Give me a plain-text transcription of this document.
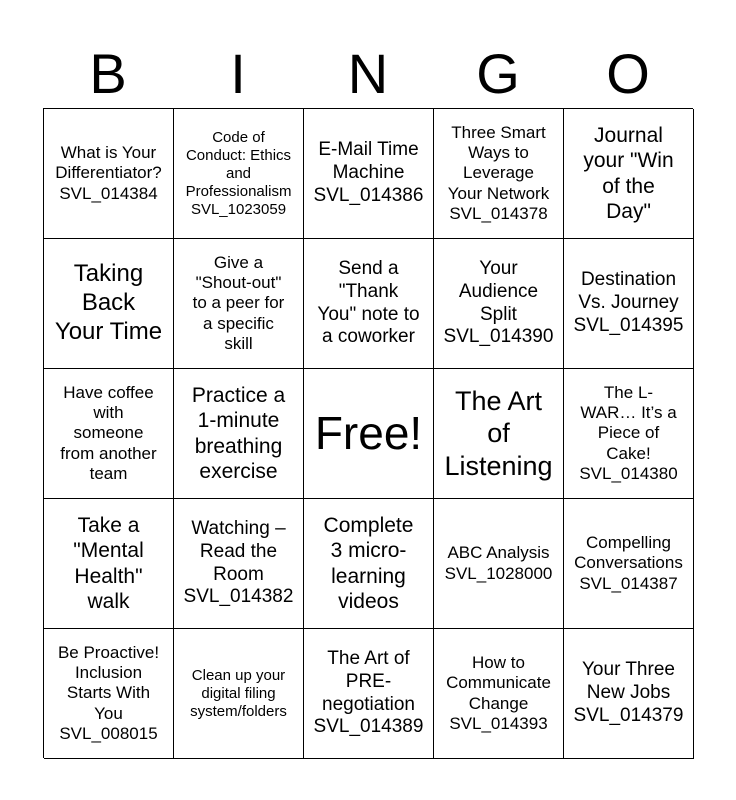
B	I	N	G	O
What is Your
Differentiator?
SVL_014384
Code of
Conduct: Ethics
and
Professionalism
SVL_1023059
E-Mail Time
Machine
SVL_014386
Three Smart
Ways to
Leverage
Your Network
SVL_014378
Journal
your "Win
of the
Day"
Taking
Back
Your Time
Give a
"Shout-out"
to a peer for
a specific
skill
Send a
"Thank
You" note to
a coworker
Your
Audience
Split
SVL_014390
Destination
Vs. Journey
SVL_014395
Have coffee
with
someone
from another
team
Practice a
1-minute
breathing
exercise
Free!
The Art
of
Listening
The L-
WAR… It’s a
Piece of
Cake!
SVL_014380
Take a
"Mental
Health"
walk
Watching –
Read the
Room
SVL_014382
Complete
3 micro-
learning
videos
ABC Analysis
SVL_1028000
Compelling
Conversations
SVL_014387
Be Proactive!
Inclusion
Starts With
You
SVL_008015
Clean up your
digital filing
system/folders
The Art of
PRE-
negotiation
SVL_014389
How to
Communicate
Change
SVL_014393
Your Three
New Jobs
SVL_014379
